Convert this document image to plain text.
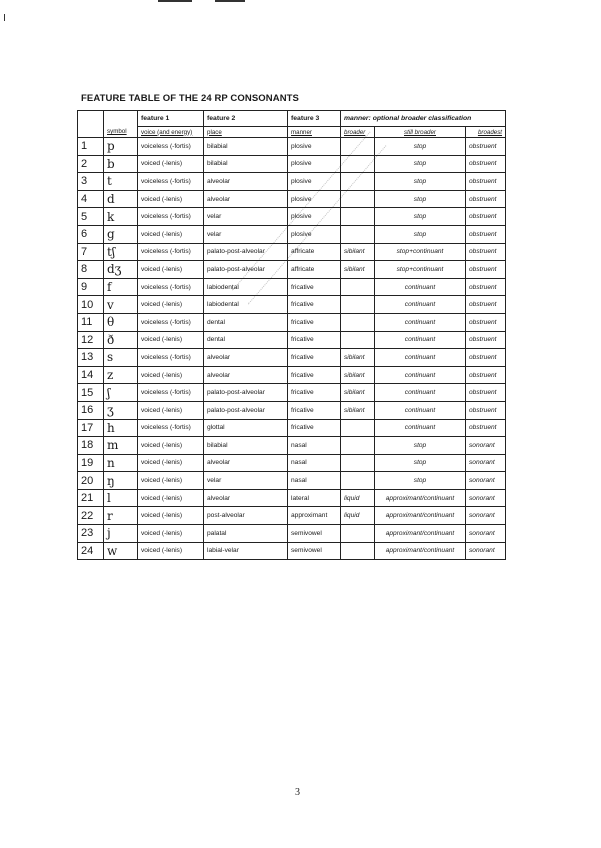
FEATURE TABLE OF THE 24 RP CONSONANTS
		feature 1	feature 2	feature 3	manner: optional broader classification		
	symbol	voice (and energy)	place	manner	broader	still broader	broadest
1	p	voiceless (-fortis)	bilabial	plosive		stop	obstruent
2	b	voiced (-lenis)	bilabial	plosive		stop	obstruent
3	t	voiceless (-fortis)	alveolar	plosive		stop	obstruent
4	d	voiced (-lenis)	alveolar	plosive		stop	obstruent
5	k	voiceless (-fortis)	velar	plosive		stop	obstruent
6	g	voiced (-lenis)	velar	plosive		stop	obstruent
7	tʃ	voiceless (-fortis)	palato-post-alveolar	affricate	sibilant	stop+continuant	obstruent
8	dʒ	voiced (-lenis)	palato-post-alveolar	affricate	sibilant	stop+continuant	obstruent
9	f	voiceless (-fortis)	labiodental	fricative		continuant	obstruent
10	v	voiced (-lenis)	labiodental	fricative		continuant	obstruent
11	θ	voiceless (-fortis)	dental	fricative		continuant	obstruent
12	ð	voiced (-lenis)	dental	fricative		continuant	obstruent
13	s	voiceless (-fortis)	alveolar	fricative	sibilant	continuant	obstruent
14	z	voiced (-lenis)	alveolar	fricative	sibilant	continuant	obstruent
15	ʃ	voiceless (-fortis)	palato-post-alveolar	fricative	sibilant	continuant	obstruent
16	ʒ	voiced (-lenis)	palato-post-alveolar	fricative	sibilant	continuant	obstruent
17	h	voiceless (-fortis)	glottal	fricative		continuant	obstruent
18	m	voiced (-lenis)	bilabial	nasal		stop	sonorant
19	n	voiced (-lenis)	alveolar	nasal		stop	sonorant
20	ŋ	voiced (-lenis)	velar	nasal		stop	sonorant
21	l	voiced (-lenis)	alveolar	lateral	liquid	approximant/continuant	sonorant
22	r	voiced (-lenis)	post-alveolar	approximant	liquid	approximant/continuant	sonorant
23	j	voiced (-lenis)	palatal	semivowel		approximant/continuant	sonorant
24	w	voiced (-lenis)	labial-velar	semivowel		approximant/continuant	sonorant
3
